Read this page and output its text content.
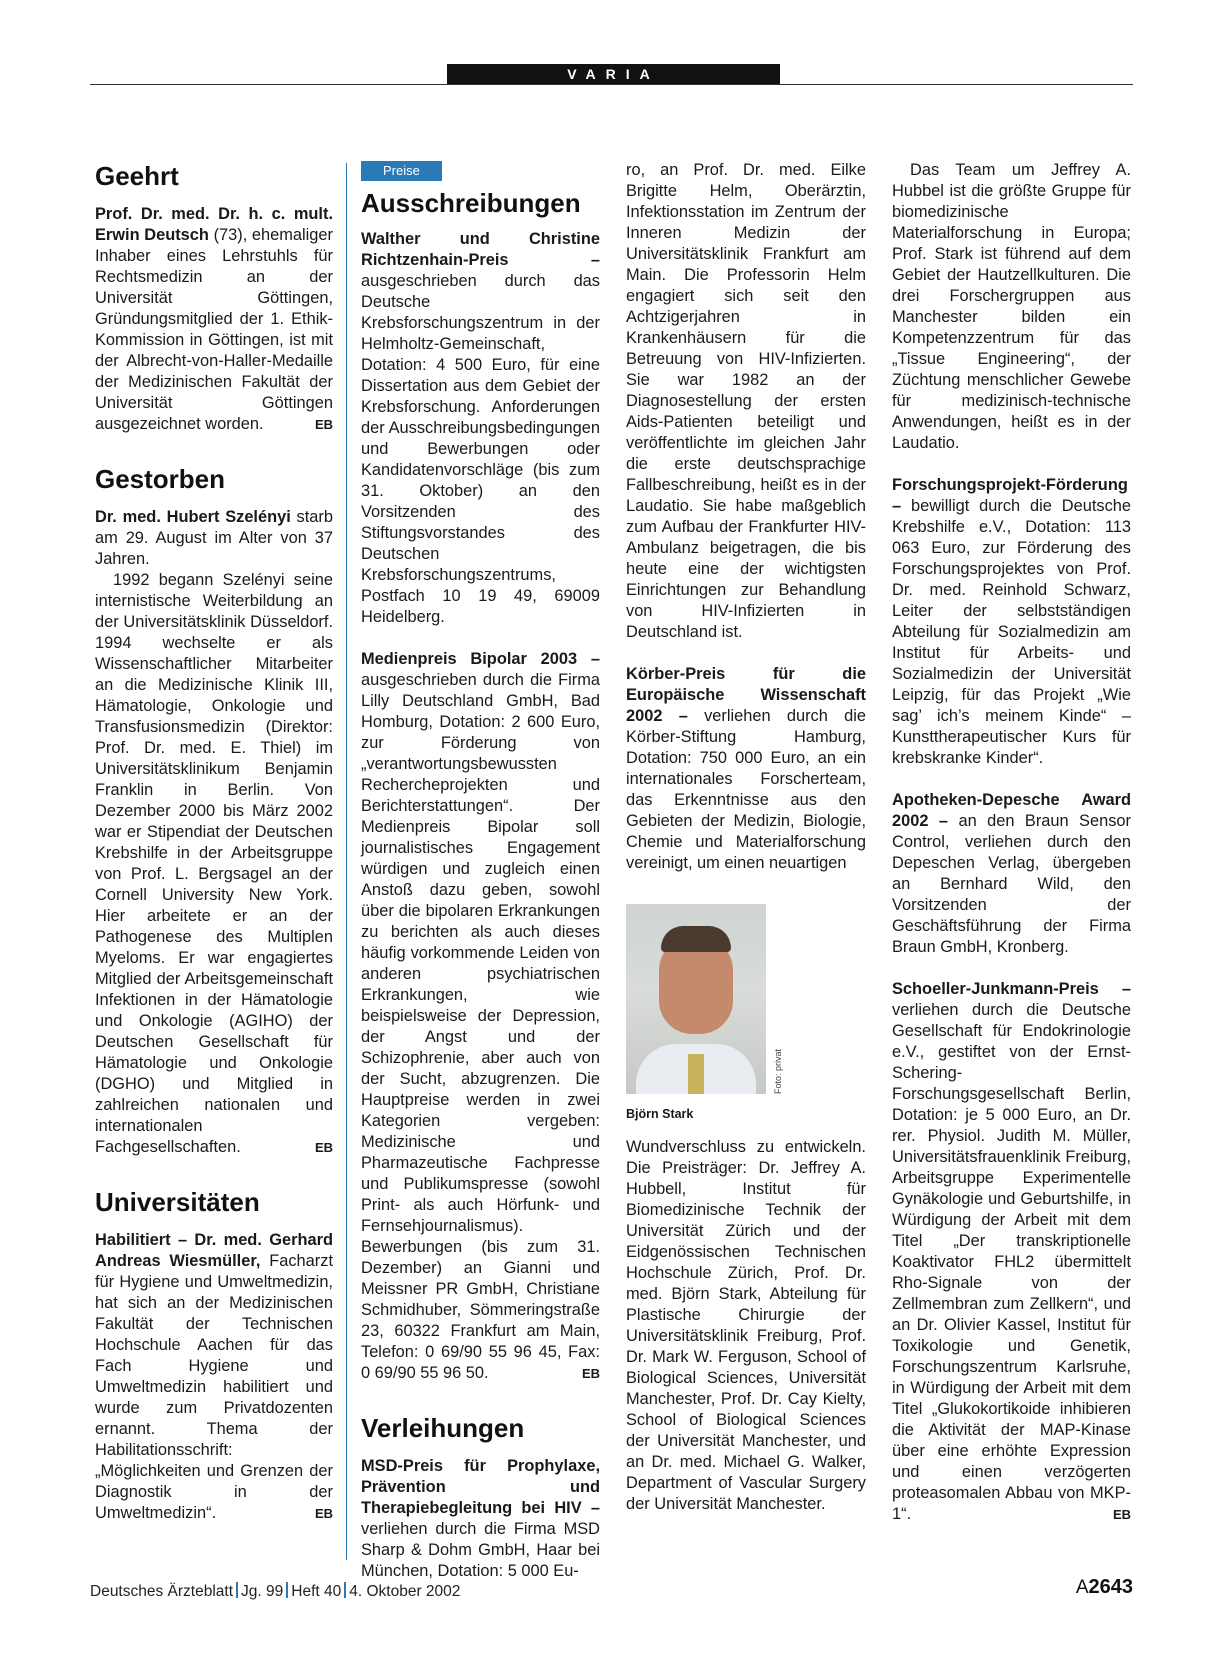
VARIA
Geehrt

Prof. Dr. med. Dr. h. c. mult. Erwin Deutsch (73), ehemaliger Inhaber eines Lehrstuhls für Rechtsmedizin an der Universität Göttingen, Gründungsmitglied der 1. Ethik-Kommission in Göttingen, ist mit der Albrecht-von-Haller-Medaille der Medizinischen Fakultät der Universität Göttingen ausgezeichnet worden.	EB

Gestorben

Dr. med. Hubert Szelényi starb am 29. August im Alter von 37 Jahren.

1992 begann Szelényi seine internistische Weiterbildung an der Universitätsklinik Düsseldorf. 1994 wechselte er als Wissenschaftlicher Mitarbeiter an die Medizinische Klinik III, Hämatologie, Onkologie und Transfusionsmedizin (Direktor: Prof. Dr. med. E. Thiel) im Universitätsklinikum Benjamin Franklin in Berlin. Von Dezember 2000 bis März 2002 war er Stipendiat der Deutschen Krebshilfe in der Arbeitsgruppe von Prof. L. Bergsagel an der Cornell University New York. Hier arbeitete er an der Pathogenese des Multiplen Myeloms. Er war engagiertes Mitglied der Arbeitsgemeinschaft Infektionen in der Hämatologie und Onkologie (AGIHO) der Deutschen Gesellschaft für Hämatologie und Onkologie (DGHO) und Mitglied in zahlreichen nationalen und internationalen Fachgesellschaften.	EB

Universitäten

Habilitiert – Dr. med. Gerhard Andreas Wiesmüller, Facharzt für Hygiene und Umweltmedizin, hat sich an der Medizinischen Fakultät der Technischen Hochschule Aachen für das Fach Hygiene und Umweltmedizin habilitiert und wurde zum Privatdozenten ernannt. Thema der Habilitationsschrift: „Möglichkeiten und Grenzen der Diagnostik in der Umweltmedizin“.	EB

Preise
Ausschreibungen

Walther und Christine Richtzenhain-Preis – ausgeschrieben durch das Deutsche Krebsforschungszentrum in der Helmholtz-Gemeinschaft, Dotation: 4 500 Euro, für eine Dissertation aus dem Gebiet der Krebsforschung. Anforderungen der Ausschreibungsbedingungen und Bewerbungen oder Kandidatenvorschläge (bis zum 31. Oktober) an den Vorsitzenden des Stiftungsvorstandes des Deutschen Krebsforschungszentrums, Postfach 10 19 49, 69009 Heidelberg.

Medienpreis Bipolar 2003 – ausgeschrieben durch die Firma Lilly Deutschland GmbH, Bad Homburg, Dotation: 2 600 Euro, zur Förderung von „verantwortungsbewussten Rechercheprojekten und Berichterstattungen“. Der Medienpreis Bipolar soll journalistisches Engagement würdigen und zugleich einen Anstoß dazu geben, sowohl über die bipolaren Erkrankungen zu berichten als auch dieses häufig vorkommende Leiden von anderen psychiatrischen Erkrankungen, wie beispielsweise der Depression, der Angst und der Schizophrenie, aber auch von der Sucht, abzugrenzen. Die Hauptpreise werden in zwei Kategorien vergeben: Medizinische und Pharmazeutische Fachpresse und Publikumspresse (sowohl Print- als auch Hörfunk- und Fernsehjournalismus). Bewerbungen (bis zum 31. Dezember) an Gianni und Meissner PR GmbH, Christiane Schmidhuber, Sömmeringstraße 23, 60322 Frankfurt am Main, Telefon: 0 69/90 55 96 45, Fax: 0 69/90 55 96 50.	EB

Verleihungen

MSD-Preis für Prophylaxe, Prävention und Therapiebegleitung bei HIV – verliehen durch die Firma MSD Sharp & Dohm GmbH, Haar bei München, Dotation: 5 000 Eu-

ro, an Prof. Dr. med. Eilke Brigitte Helm, Oberärztin, Infektionsstation im Zentrum der Inneren Medizin der Universitätsklinik Frankfurt am Main. Die Professorin Helm engagiert sich seit den Achtzigerjahren in Krankenhäusern für die Betreuung von HIV-Infizierten. Sie war 1982 an der Diagnosestellung der ersten Aids-Patienten beteiligt und veröffentlichte im gleichen Jahr die erste deutschsprachige Fallbeschreibung, heißt es in der Laudatio. Sie habe maßgeblich zum Aufbau der Frankfurter HIV-Ambulanz beigetragen, die bis heute eine der wichtigsten Einrichtungen zur Behandlung von HIV-Infizierten in Deutschland ist.

Körber-Preis für die Europäische Wissenschaft 2002 – verliehen durch die Körber-Stiftung Hamburg, Dotation: 750 000 Euro, an ein internationales Forscherteam, das Erkenntnisse aus den Gebieten der Medizin, Biologie, Chemie und Materialforschung vereinigt, um einen neuartigen

Foto: privat
Björn Stark

Wundverschluss zu entwickeln. Die Preisträger: Dr. Jeffrey A. Hubbell, Institut für Biomedizinische Technik der Universität Zürich und der Eidgenössischen Technischen Hochschule Zürich, Prof. Dr. med. Björn Stark, Abteilung für Plastische Chirurgie der Universitätsklinik Freiburg, Prof. Dr. Mark W. Ferguson, School of Biological Sciences, Universität Manchester, Prof. Dr. Cay Kielty, School of Biological Sciences der Universität Manchester, und an Dr. med. Michael G. Walker, Department of Vascular Surgery der Universität Manchester.

Das Team um Jeffrey A. Hubbel ist die größte Gruppe für biomedizinische Materialforschung in Europa; Prof. Stark ist führend auf dem Gebiet der Hautzellkulturen. Die drei Forschergruppen aus Manchester bilden ein Kompetenzzentrum für das „Tissue Engineering“, der Züchtung menschlicher Gewebe für medizinisch-technische Anwendungen, heißt es in der Laudatio.

Forschungsprojekt-Förderung – bewilligt durch die Deutsche Krebshilfe e.V., Dotation: 113 063 Euro, zur Förderung des Forschungsprojektes von Prof. Dr. med. Reinhold Schwarz, Leiter der selbstständigen Abteilung für Sozialmedizin am Institut für Arbeits- und Sozialmedizin der Universität Leipzig, für das Projekt „Wie sag’ ich’s meinem Kinde“ – Kunsttherapeutischer Kurs für krebskranke Kinder“.

Apotheken-Depesche Award 2002 – an den Braun Sensor Control, verliehen durch den Depeschen Verlag, übergeben an Bernhard Wild, den Vorsitzenden der Geschäftsführung der Firma Braun GmbH, Kronberg.

Schoeller-Junkmann-Preis – verliehen durch die Deutsche Gesellschaft für Endokrinologie e.V., gestiftet von der Ernst-Schering-Forschungsgesellschaft Berlin, Dotation: je 5 000 Euro, an Dr. rer. Physiol. Judith M. Müller, Universitätsfrauenklinik Freiburg, Arbeitsgruppe Experimentelle Gynäkologie und Geburtshilfe, in Würdigung der Arbeit mit dem Titel „Der transkriptionelle Koaktivator FHL2 übermittelt Rho-Signale von der Zellmembran zum Zellkern“, und an Dr. Olivier Kassel, Institut für Toxikologie und Genetik, Forschungszentrum Karlsruhe, in Würdigung der Arbeit mit dem Titel „Glukokortikoide inhibieren die Aktivität der MAP-Kinase über eine erhöhte Expression und einen verzögerten proteasomalen Abbau von MKP-1“.	EB

Deutsches Ärzteblatt Jg. 99 Heft 40 4. Oktober 2002	A2643
